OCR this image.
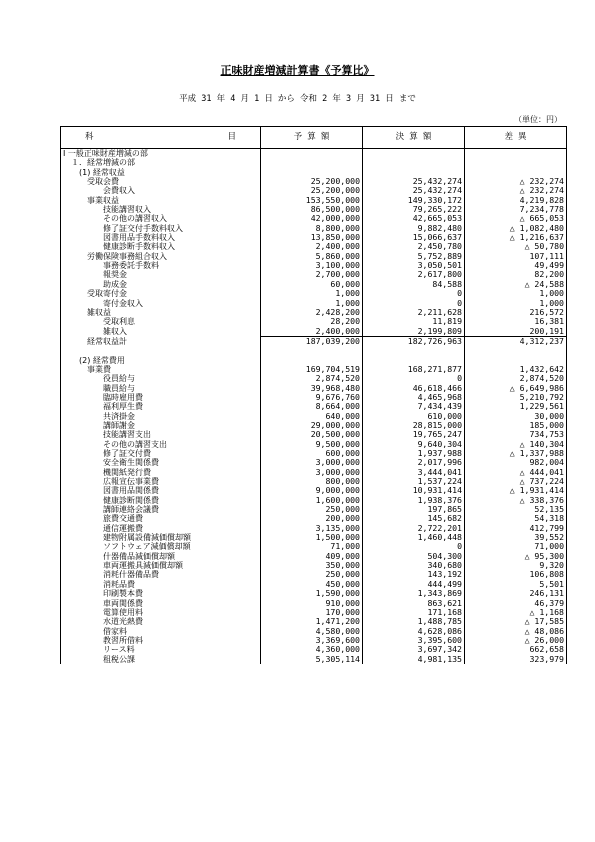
正味財産増減計算書《予算比》
平成 31 年 4 月 1 日 から 令和 2 年 3 月 31 日 まで
（単位：円）
科 目	予 算 額	決 算 額	差 異
Ⅰ 一般正味財産増減の部			
１．経常増減の部			
(1) 経常収益			
受取会費	25,200,000	25,432,274	△ 232,274
会費収入	25,200,000	25,432,274	△ 232,274
事業収益	153,550,000	149,330,172	4,219,828
技能講習収入	86,500,000	79,265,222	7,234,778
その他の講習収入	42,000,000	42,665,053	△ 665,053
修了証交付手数料収入	8,800,000	9,882,480	△ 1,082,480
図書用品手数料収入	13,850,000	15,066,637	△ 1,216,637
健康診断手数料収入	2,400,000	2,450,780	△ 50,780
労働保険事務組合収入	5,860,000	5,752,889	107,111
事務委託手数料	3,100,000	3,050,501	49,499
報奨金	2,700,000	2,617,800	82,200
助成金	60,000	84,588	△ 24,588
受取寄付金	1,000	0	1,000
寄付金収入	1,000	0	1,000
雑収益	2,428,200	2,211,628	216,572
受取利息	28,200	11,819	16,381
雑収入	2,400,000	2,199,809	200,191
経常収益計	187,039,200	182,726,963	4,312,237

(2) 経常費用			
事業費	169,704,519	168,271,877	1,432,642
役員給与	2,874,520	0	2,874,520
職員給与	39,968,480	46,618,466	△ 6,649,986
臨時雇用費	9,676,760	4,465,968	5,210,792
福利厚生費	8,664,000	7,434,439	1,229,561
共済掛金	640,000	610,000	30,000
講師謝金	29,000,000	28,815,000	185,000
技能講習支出	20,500,000	19,765,247	734,753
その他の講習支出	9,500,000	9,640,304	△ 140,304
修了証交付費	600,000	1,937,988	△ 1,337,988
安全衛生関係費	3,000,000	2,017,996	982,004
機関紙発行費	3,000,000	3,444,041	△ 444,041
広報宣伝事業費	800,000	1,537,224	△ 737,224
図書用品関係費	9,000,000	10,931,414	△ 1,931,414
健康診断関係費	1,600,000	1,938,376	△ 338,376
講師連絡会議費	250,000	197,865	52,135
旅費交通費	200,000	145,682	54,318
通信運搬費	3,135,000	2,722,201	412,799
建物附属設備減価償却額	1,500,000	1,460,448	39,552
ソフトウェア減価償却額	71,000	0	71,000
什器備品減価償却額	409,000	504,300	△ 95,300
車両運搬具減価償却額	350,000	340,680	9,320
消耗什器備品費	250,000	143,192	106,808
消耗品費	450,000	444,499	5,501
印刷製本費	1,590,000	1,343,869	246,131
車両関係費	910,000	863,621	46,379
電算使用料	170,000	171,168	△ 1,168
水道光熱費	1,471,200	1,488,785	△ 17,585
借家料	4,580,000	4,628,086	△ 48,086
教習所借料	3,369,600	3,395,600	△ 26,000
リース料	4,360,000	3,697,342	662,658
租税公課	5,305,114	4,981,135	323,979
